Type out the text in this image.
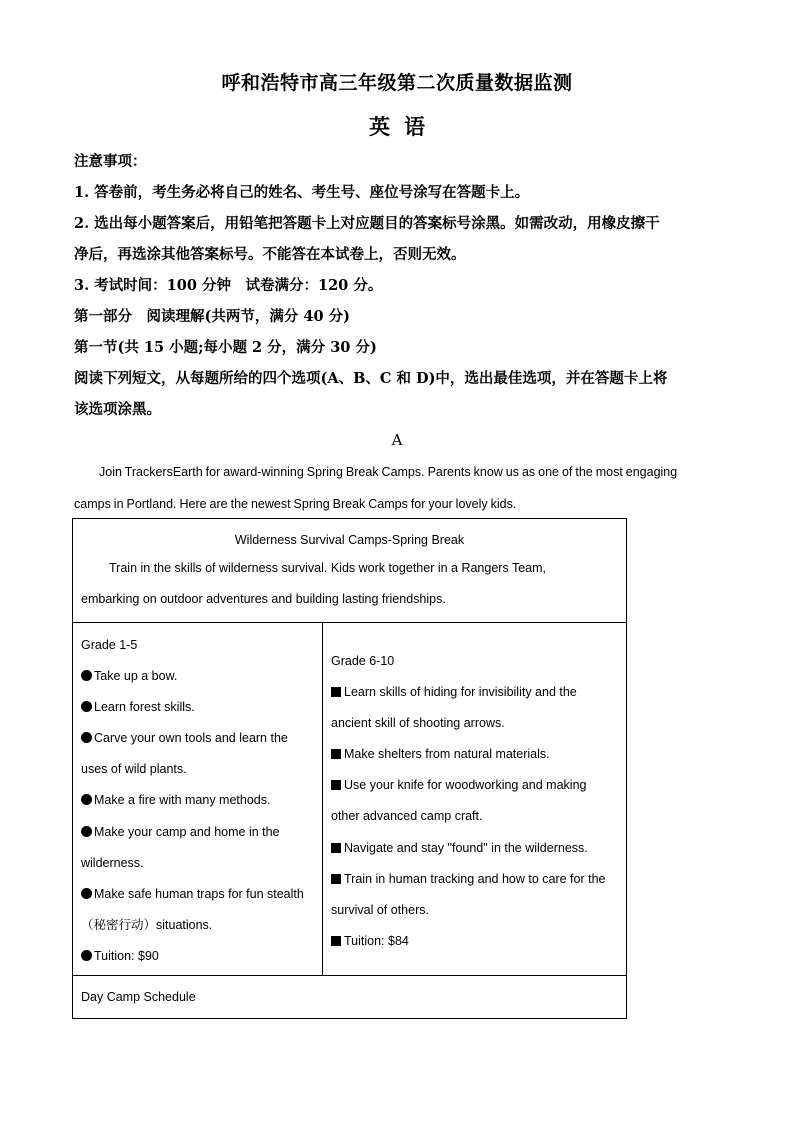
呼和浩特市高三年级第二次质量数据监测
英语

注意事项：

1. 答卷前，考生务必将自己的姓名、考生号、座位号涂写在答题卡上。

2. 选出每小题答案后，用铅笔把答题卡上对应题目的答案标号涂黑。如需改动，用橡皮擦干

净后，再选涂其他答案标号。不能答在本试卷上，否则无效。

3. 考试时间：100 分钟　试卷满分：120 分。

第一部分　阅读理解(共两节，满分 40 分)

第一节(共 15 小题;每小题 2 分，满分 30 分)

阅读下列短文，从每题所给的四个选项(A、B、C 和 D)中，选出最佳选项，并在答题卡上将

该选项涂黑。

A

Join TrackersEarth for award-winning Spring Break Camps. Parents know us as one of the most engaging

camps in Portland. Here are the newest Spring Break Camps for your lovely kids.

Wilderness Survival Camps-Spring Break
Train in the skills of wilderness survival. Kids work together in a Rangers Team,
embarking on outdoor adventures and building lasting friendships.

Grade 1-5
Take up a bow.
Learn forest skills.
Carve your own tools and learn the
uses of wild plants.
Make a fire with many methods.
Make your camp and home in the
wilderness.
Make safe human traps for fun stealth
（秘密行动）situations.
Tuition: $90

Grade 6-10
Learn skills of hiding for invisibility and the
ancient skill of shooting arrows.
Make shelters from natural materials.
Use your knife for woodworking and making
other advanced camp craft.
Navigate and stay "found" in the wilderness.
Train in human tracking and how to care for the
survival of others.
Tuition: $84

Day Camp Schedule
